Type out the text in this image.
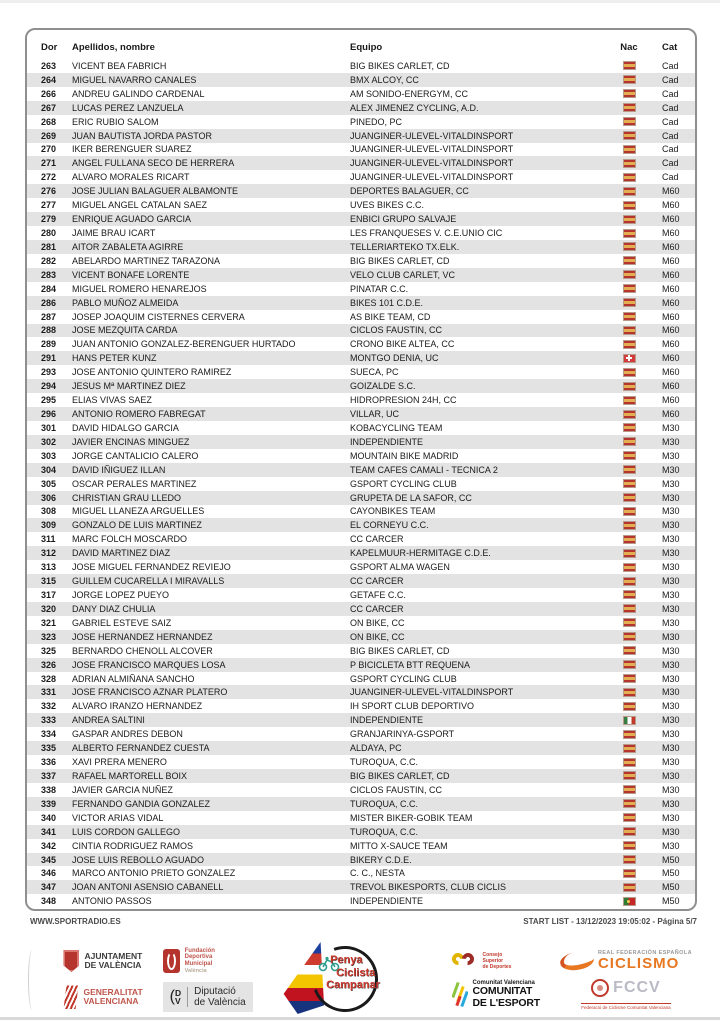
Dor	Apellidos, nombre	Equipo	Nac	Cat
263	VICENT BEA FABRICH	BIG BIKES CARLET, CD	Cad
264	MIGUEL NAVARRO CANALES	BMX ALCOY, CC	Cad
266	ANDREU GALINDO CARDENAL	AM SONIDO-ENERGYM, CC	Cad
267	LUCAS PEREZ LANZUELA	ALEX JIMENEZ CYCLING, A.D.	Cad
268	ERIC RUBIO SALOM	PINEDO, PC	Cad
269	JUAN BAUTISTA JORDA PASTOR	JUANGINER-ULEVEL-VITALDINSPORT	Cad
270	IKER BERENGUER SUAREZ	JUANGINER-ULEVEL-VITALDINSPORT	Cad
271	ANGEL FULLANA SECO DE HERRERA	JUANGINER-ULEVEL-VITALDINSPORT	Cad
272	ALVARO MORALES RICART	JUANGINER-ULEVEL-VITALDINSPORT	Cad
276	JOSE JULIAN BALAGUER ALBAMONTE	DEPORTES BALAGUER, CC	M60
277	MIGUEL ANGEL CATALAN SAEZ	UVES BIKES C.C.	M60
279	ENRIQUE AGUADO GARCIA	ENBICI GRUPO SALVAJE	M60
280	JAIME BRAU ICART	LES FRANQUESES V. C.E.UNIO CIC	M60
281	AITOR ZABALETA AGIRRE	TELLERIARTEKO TX.ELK.	M60
282	ABELARDO MARTINEZ TARAZONA	BIG BIKES CARLET, CD	M60
283	VICENT BONAFE LORENTE	VELO CLUB CARLET, VC	M60
284	MIGUEL ROMERO HENAREJOS	PINATAR C.C.	M60
286	PABLO MUÑOZ ALMEIDA	BIKES 101 C.D.E.	M60
287	JOSEP JOAQUIM CISTERNES CERVERA	AS BIKE TEAM, CD	M60
288	JOSE MEZQUITA CARDA	CICLOS FAUSTIN, CC	M60
289	JUAN ANTONIO GONZALEZ-BERENGUER HURTADO	CRONO BIKE ALTEA, CC	M60
291	HANS PETER KUNZ	MONTGO DENIA, UC	M60
293	JOSE ANTONIO QUINTERO RAMIREZ	SUECA, PC	M60
294	JESUS Mª MARTINEZ DIEZ	GOIZALDE S.C.	M60
295	ELIAS VIVAS SAEZ	HIDROPRESION 24H, CC	M60
296	ANTONIO ROMERO FABREGAT	VILLAR, UC	M60
301	DAVID HIDALGO GARCIA	KOBACYCLING TEAM	M30
302	JAVIER ENCINAS MINGUEZ	INDEPENDIENTE	M30
303	JORGE CANTALICIO CALERO	MOUNTAIN BIKE MADRID	M30
304	DAVID IÑIGUEZ ILLAN	TEAM CAFES CAMALI - TECNICA 2	M30
305	OSCAR PERALES MARTINEZ	GSPORT CYCLING CLUB	M30
306	CHRISTIAN GRAU LLEDO	GRUPETA DE LA SAFOR, CC	M30
308	MIGUEL LLANEZA ARGUELLES	CAYONBIKES TEAM	M30
309	GONZALO DE LUIS MARTINEZ	EL CORNEYU C.C.	M30
311	MARC FOLCH MOSCARDO	CC CARCER	M30
312	DAVID MARTINEZ DIAZ	KAPELMUUR-HERMITAGE C.D.E.	M30
313	JOSE MIGUEL FERNANDEZ REVIEJO	GSPORT ALMA WAGEN	M30
315	GUILLEM CUCARELLA I MIRAVALLS	CC CARCER	M30
317	JORGE LOPEZ PUEYO	GETAFE C.C.	M30
320	DANY DIAZ CHULIA	CC CARCER	M30
321	GABRIEL ESTEVE SAIZ	ON BIKE, CC	M30
323	JOSE HERNANDEZ HERNANDEZ	ON BIKE, CC	M30
325	BERNARDO CHENOLL ALCOVER	BIG BIKES CARLET, CD	M30
326	JOSE FRANCISCO MARQUES LOSA	P BICICLETA BTT REQUENA	M30
328	ADRIAN ALMIÑANA SANCHO	GSPORT CYCLING CLUB	M30
331	JOSE FRANCISCO AZNAR PLATERO	JUANGINER-ULEVEL-VITALDINSPORT	M30
332	ALVARO IRANZO HERNANDEZ	IH SPORT CLUB DEPORTIVO	M30
333	ANDREA SALTINI	INDEPENDIENTE	M30
334	GASPAR ANDRES DEBON	GRANJARINYA-GSPORT	M30
335	ALBERTO FERNANDEZ CUESTA	ALDAYA, PC	M30
336	XAVI PRERA MENERO	TUROQUA, C.C.	M30
337	RAFAEL MARTORELL BOIX	BIG BIKES CARLET, CD	M30
338	JAVIER GARCIA NUÑEZ	CICLOS FAUSTIN, CC	M30
339	FERNANDO GANDIA GONZALEZ	TUROQUA, C.C.	M30
340	VICTOR ARIAS VIDAL	MISTER BIKER-GOBIK TEAM	M30
341	LUIS CORDON GALLEGO	TUROQUA, C.C.	M30
342	CINTIA RODRIGUEZ RAMOS	MITTO X-SAUCE TEAM	M30
345	JOSE LUIS REBOLLO AGUADO	BIKERY C.D.E.	M50
346	MARCO ANTONIO PRIETO GONZALEZ	C. C., NESTA	M50
347	JOAN ANTONI ASENSIO CABANELL	TREVOL BIKESPORTS, CLUB CICLIS	M50
348	ANTONIO PASSOS	INDEPENDIENTE	M50
WWW.SPORTRADIO.ES	START LIST - 13/12/2023 19:05:02 - Página 5/7
AJUNTAMENT
DE VALÈNCIA
Fundación
Deportiva
Municipal
València
GENERALITAT
VALENCIANA ( D
V
Diputació
de València
Penya
Ciclista
Campanar
Consejo
Superior
de Deportes
REAL FEDERACIÓN ESPAÑOLA
CICLISMO
Comunitat Valenciana
COMUNITAT
DE L'ESPORT
FCCV
Federació de Ciclisme Comunitat Valenciana
